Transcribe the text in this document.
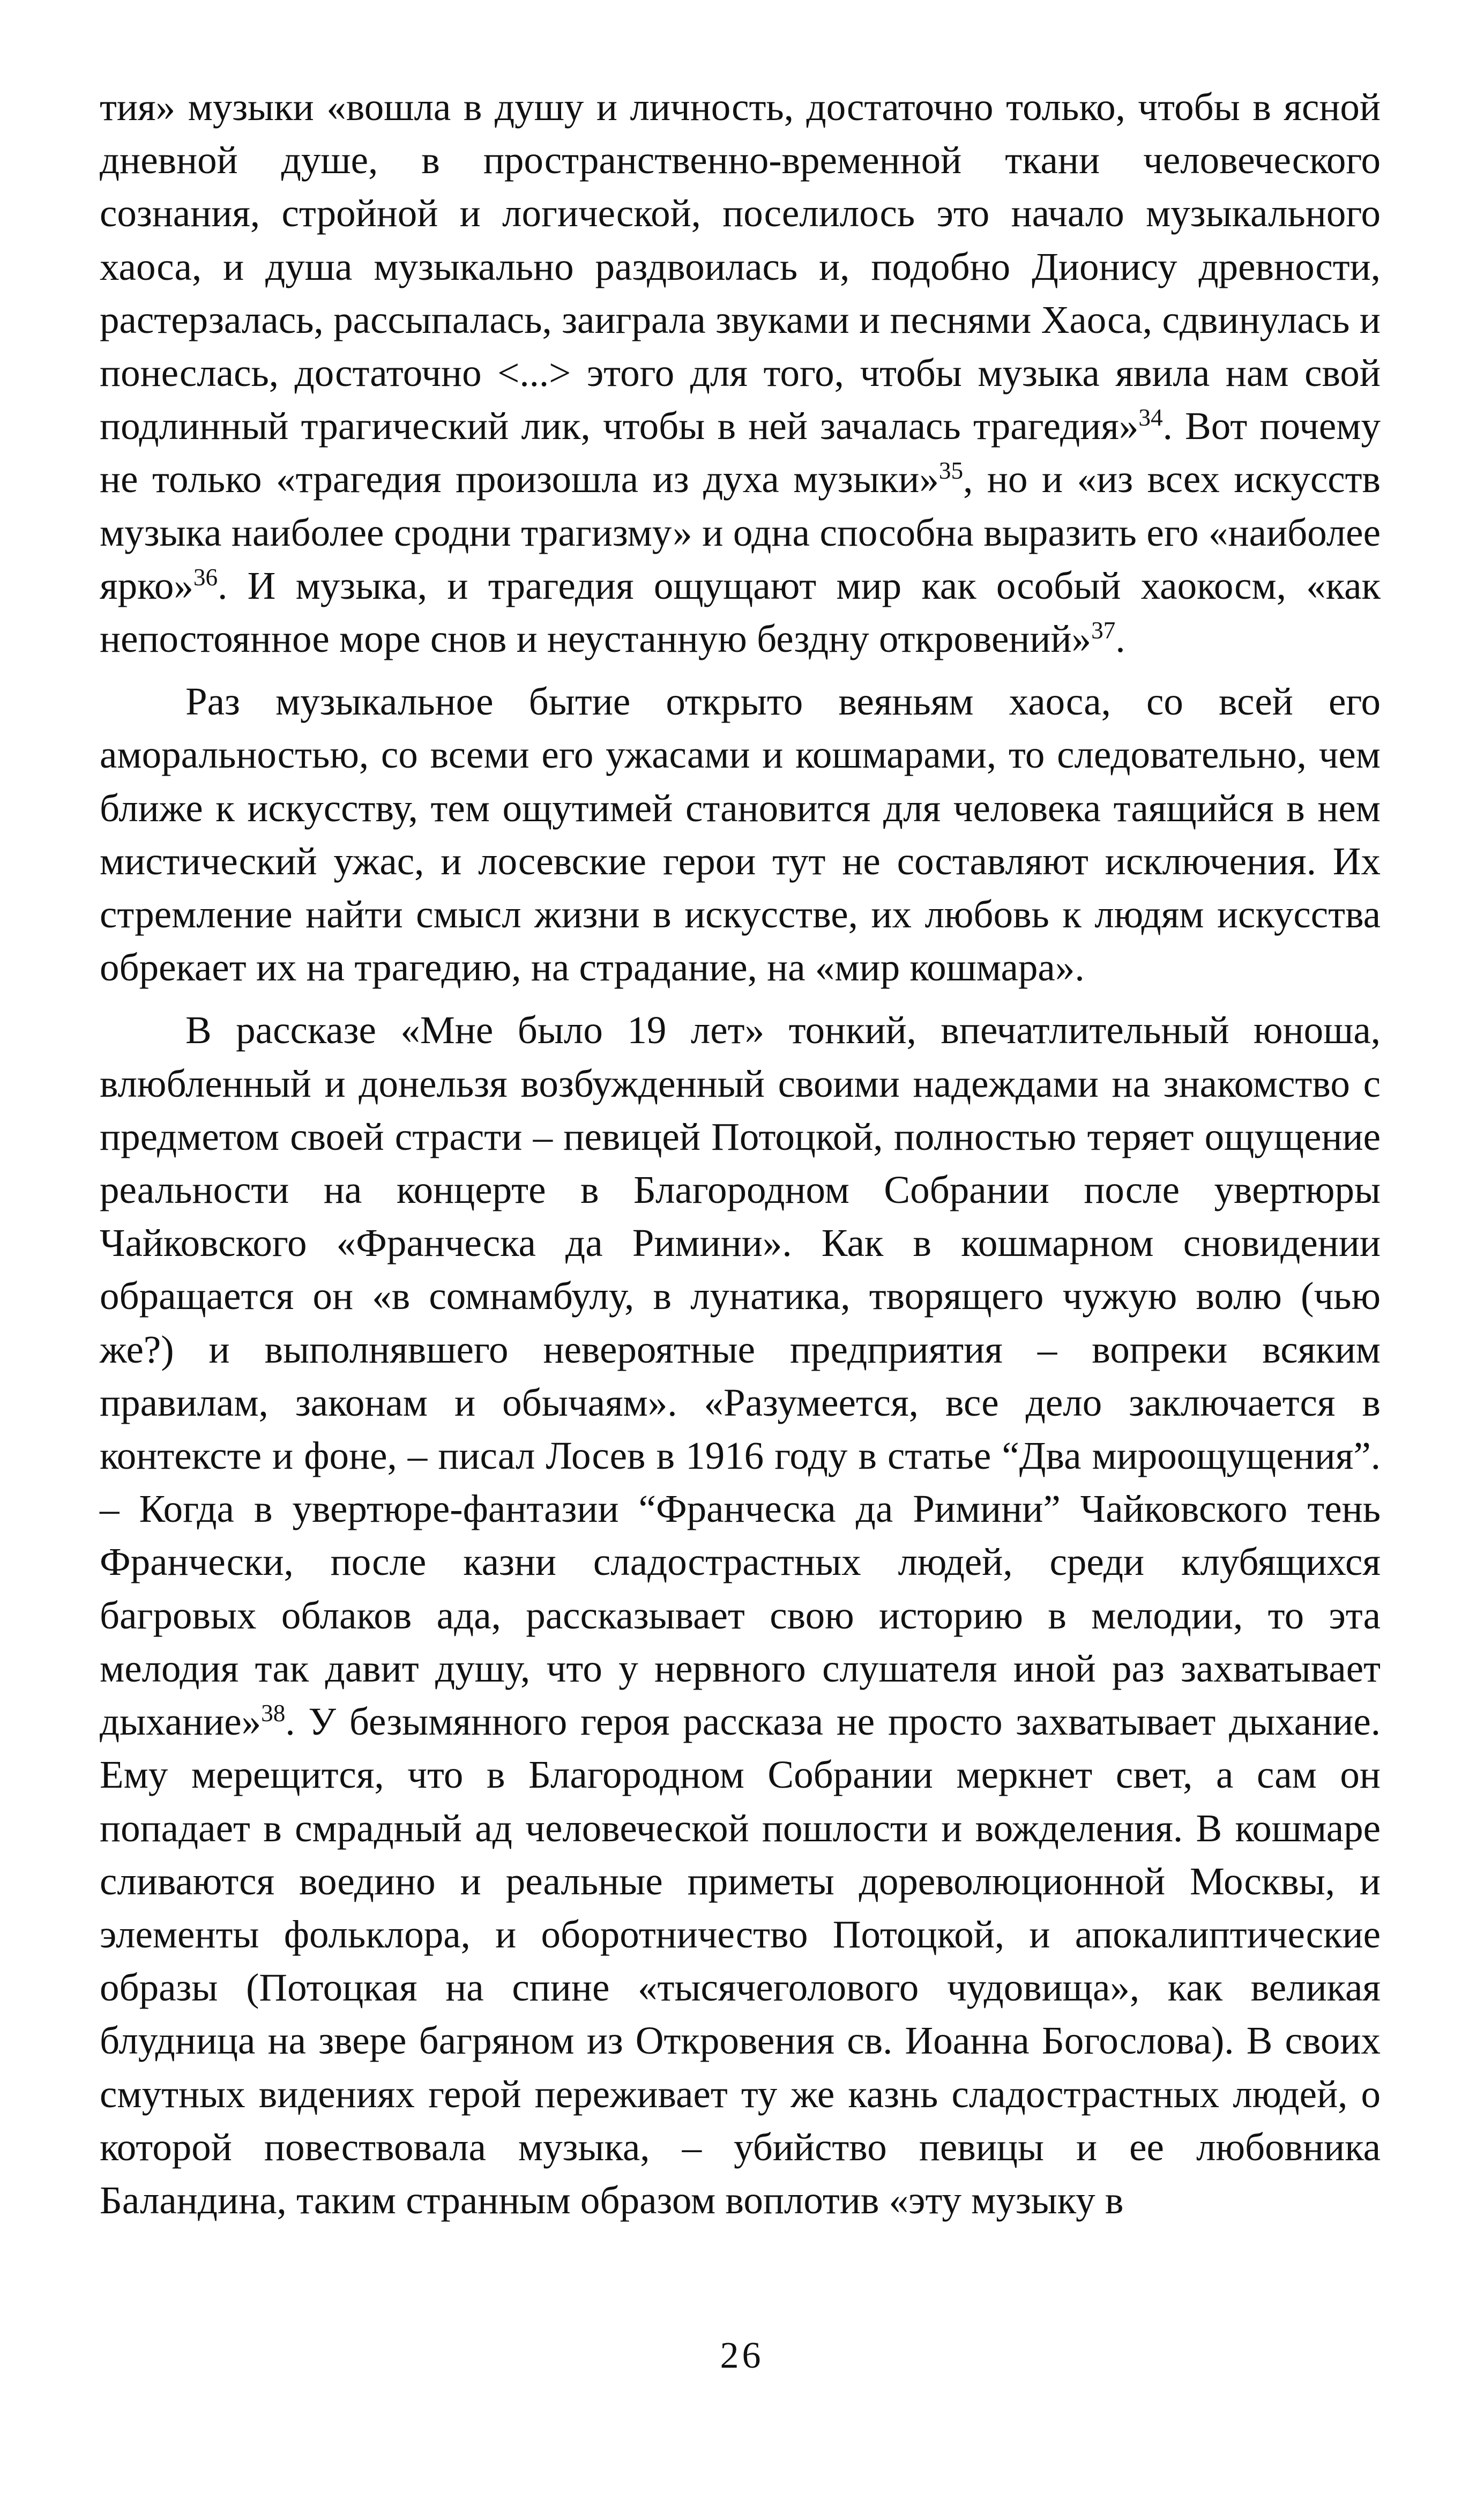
тия» музыки «вошла в душу и личность, достаточно только, чтобы в ясной дневной душе, в пространственно-временной ткани человеческого сознания, стройной и логической, поселилось это начало музыкального хаоса, и душа музыкально раздвоилась и, подобно Дионису древности, растерзалась, рассыпалась, заиграла звуками и песнями Хаоса, сдвинулась и понеслась, достаточно <...> этого для того, чтобы музыка явила нам свой подлинный трагический лик, чтобы в ней зачалась трагедия»$^{34}$. Вот почему не только «трагедия произошла из духа музыки»$^{35}$, но и «из всех искусств музыка наиболее сродни трагизму» и одна способна выразить его «наиболее ярко»$^{36}$. И музыка, и трагедия ощущают мир как особый хаокосм, «как непостоянное море снов и неустанную бездну откровений»$^{37}$.

Раз музыкальное бытие открыто веяньям хаоса, со всей его аморальностью, со всеми его ужасами и кошмарами, то следовательно, чем ближе к искусству, тем ощутимей становится для человека таящийся в нем мистический ужас, и лосевские герои тут не составляют исключения. Их стремление найти смысл жизни в искусстве, их любовь к людям искусства обрекает их на трагедию, на страдание, на «мир кошмара».

В рассказе «Мне было 19 лет» тонкий, впечатлительный юноша, влюбленный и донельзя возбужденный своими надеждами на знакомство с предметом своей страсти – певицей Потоцкой, полностью теряет ощущение реальности на концерте в Благородном Собрании после увертюры Чайковского «Франческа да Римини». Как в кошмарном сновидении обращается он «в сомнамбулу, в лунатика, творящего чужую волю (чью же?) и выполнявшего невероятные предприятия – вопреки всяким правилам, законам и обычаям». «Разумеется, все дело заключается в контексте и фоне, – писал Лосев в 1916 году в статье “Два мироощущения”. – Когда в увертюре-фантазии “Франческа да Римини” Чайковского тень Франчески, после казни сладострастных людей, среди клубящихся багровых облаков ада, рассказывает свою историю в мелодии, то эта мелодия так давит душу, что у нервного слушателя иной раз захватывает дыхание»$^{38}$. У безымянного героя рассказа не просто захватывает дыхание. Ему мерещится, что в Благородном Собрании меркнет свет, а сам он попадает в смрадный ад человеческой пошлости и вожделения. В кошмаре сливаются воедино и реальные приметы дореволюционной Москвы, и элементы фольклора, и оборотничество Потоцкой, и апокалиптические образы (Потоцкая на спине «тысячеголового чудовища», как великая блудница на звере багряном из Откровения св. Иоанна Богослова). В своих смутных видениях герой переживает ту же казнь сладострастных людей, о которой повествовала музыка, – убийство певицы и ее любовника Баландина, таким странным образом воплотив «эту музыку в

26
